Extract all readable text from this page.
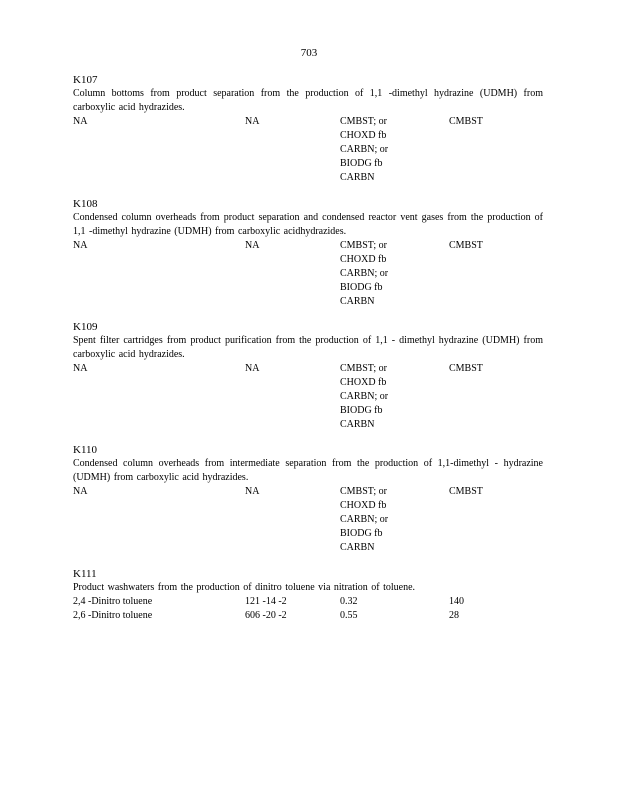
703
K107
Column bottoms from product separation from the production of 1,1 -dimethyl hydrazine (UDMH) from carboxylic acid hydrazides.
NA	NA	CMBST; or	CMBST
CHOXD fb
CARBN; or
BIODG fb
CARBN
K108
Condensed column overheads from product separation and condensed reactor vent gases from the production of 1,1 -dimethyl hydrazine (UDMH) from carboxylic acidhydrazides.
NA	NA	CMBST; or	CMBST
CHOXD fb
CARBN; or
BIODG fb
CARBN
K109
Spent filter cartridges from product purification from the production of 1,1 - dimethyl hydrazine (UDMH) from carboxylic acid hydrazides.
NA	NA	CMBST; or	CMBST
CHOXD fb
CARBN; or
BIODG fb
CARBN
K110
Condensed column overheads from intermediate separation from the production of 1,1-dimethyl - hydrazine (UDMH) from carboxylic acid hydrazides.
NA	NA	CMBST; or	CMBST
CHOXD fb
CARBN; or
BIODG fb
CARBN
K111
Product washwaters from the production of dinitro toluene via nitration of toluene.
2,4 -Dinitro toluene	121 -14 -2	0.32	140
2,6 -Dinitro toluene	606 -20 -2	0.55	28
